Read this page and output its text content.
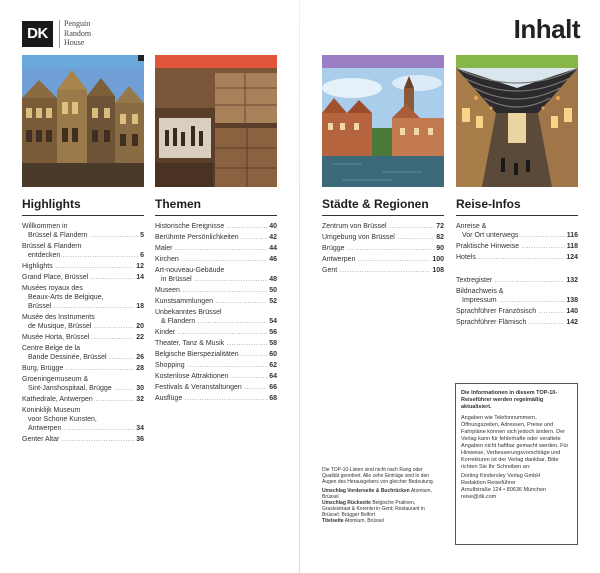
DK
Penguin
Random
House	Inhalt
Highlights
Willkommen in
Brüssel & Flandern .....	5
Brüssel & Flandern
entdecken .....	6
Highlights .....	12
Grand Place, Brüssel .....	14
Musées royaux des
Beaux-Arts de Belgique,
Brüssel .....	18
Musée des Instruments
de Musique, Brüssel .....	20
Musée Horta, Brüssel .....	22
Centre Belge de la
Bande Dessinée, Brüssel .....	26
Burg, Brügge .....	28
Groeningemuseum &
Sint-Janshospitaal, Brügge .....	30
Kathedrale, Antwerpen .....	32
Koninklijk Museum
voor Schone Kunsten,
Antwerpen .....	34
Genter Altar .....	36
Themen
Historische Ereignisse .....	40
Berühmte Persönlichkeiten .....	42
Maler .....	44
Kirchen .....	46
Art-nouveau-Gebäude
in Brüssel .....	48
Museen .....	50
Kunstsammlungen .....	52
Unbekanntes Brüssel
& Flandern .....	54
Kinder .....	56
Theater, Tanz & Musik .....	58
Belgische Bierspezialitäten .....	60
Shopping .....	62
Kostenlose Attraktionen .....	64
Festivals & Veranstaltungen .....	66
Ausflüge .....	68
Städte & Regionen
Zentrum von Brüssel .....	72
Umgebung von Brüssel .....	82
Brügge .....	90
Antwerpen .....	100
Gent .....	108
Reise-Infos
Anreise &
Vor Ort unterwegs .....	116
Praktische Hinweise .....	118
Hotels .....	124
Textregister .....	132
Bildnachweis &
Impressum .....	138
Sprachführer Französisch .....	140
Sprachführer Flämisch .....	142

Die TOP-10-Listen sind nicht nach Rang oder Qualität geordnet. Alle zehn Einträge sind in den Augen des Herausgebers von gleicher Bedeutung.

Umschlag Vorderseite & Buchrücken Atomium, Brüssel

Umschlag Rückseite Belgische Pralinen, Grasleistraat & Korenlei in Gent; Restaurant in Brüssel; Brügger Belfort

Titelseite Atomium, Brüssel

Die Informationen in diesem TOP-10-Reiseführer werden regelmäßig aktualisiert.

Angaben wie Telefonnummern, Öffnungszeiten, Adressen, Preise und Fahrpläne können sich jedoch ändern. Der Verlag kann für fehlerhafte oder veraltete Angaben nicht haftbar gemacht werden. Für Hinweise, Verbesserungsvorschläge und Korrekturen ist der Verlag dankbar. Bitte richten Sie Ihr Schreiben an:

Dorling Kindersley Verlag GmbH

Redaktion Reiseführer

Arnulfstraße 124 • 80636 München

reise@dk.com
